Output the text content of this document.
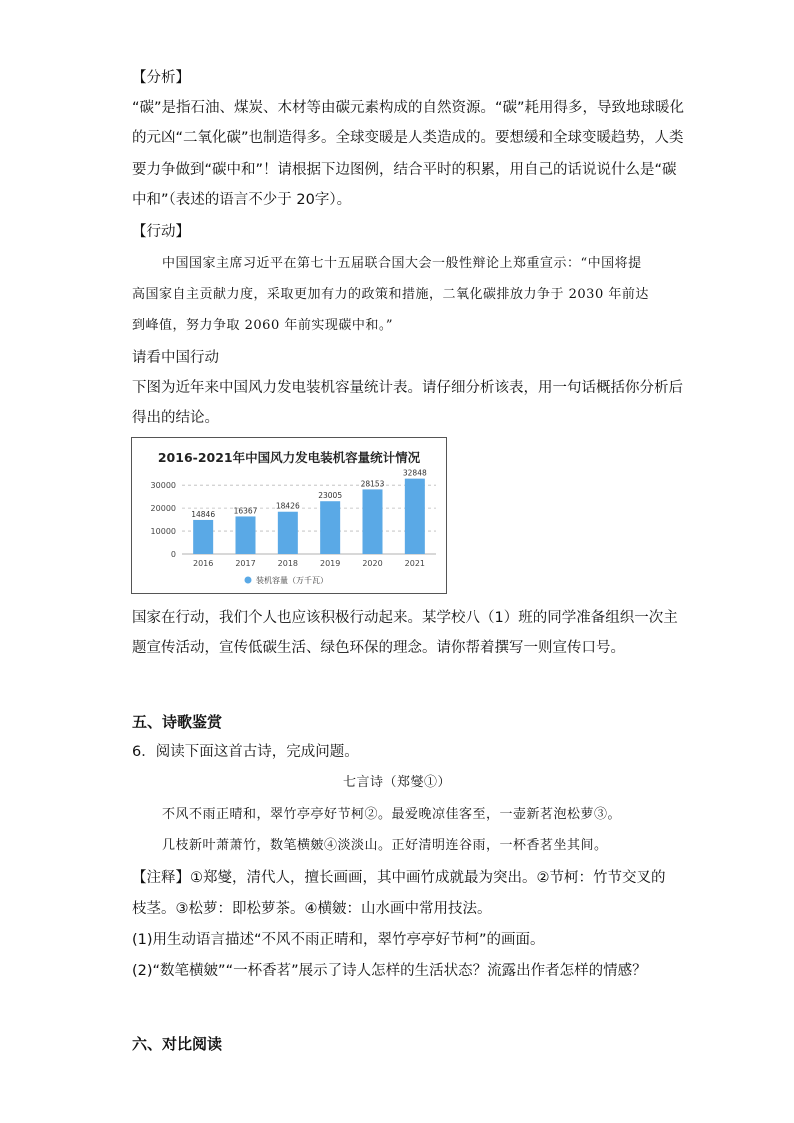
【分析】
“碳”是指石油、煤炭、木材等由碳元素构成的自然资源。“碳”耗用得多，导致地球暖化
的元凶“二氧化碳”也制造得多。全球变暖是人类造成的。要想缓和全球变暖趋势，人类
要力争做到“碳中和”！请根据下边图例，结合平时的积累，用自己的话说说什么是“碳
中和”（表述的语言不少于 20字）。
【行动】
中国国家主席习近平在第七十五届联合国大会一般性辩论上郑重宣示：“中国将提
高国家自主贡献力度，采取更加有力的政策和措施，二氧化碳排放力争于 2030 年前达
到峰值，努力争取 2060 年前实现碳中和。”
请看中国行动
下图为近年来中国风力发电装机容量统计表。请仔细分析该表，用一句话概括你分析后
得出的结论。
2016-2021年中国风力发电装机容量统计情况
0
10000
20000
30000
14846
2016
16367
2017
18426
2018
23005
2019
28153
2020
32848
2021
装机容量（万千瓦）
国家在行动，我们个人也应该积极行动起来。某学校八（1）班的同学准备组织一次主
题宣传活动，宣传低碳生活、绿色环保的理念。请你帮着撰写一则宣传口号。
五、诗歌鉴赏
6．阅读下面这首古诗，完成问题。
七言诗（郑燮①）
不风不雨正晴和，翠竹亭亭好节柯②。最爱晚凉佳客至，一壶新茗泡松萝③。
几枝新叶萧萧竹，数笔横皴④淡淡山。正好清明连谷雨，一杯香茗坐其间。
【注释】①郑燮，清代人，擅长画画，其中画竹成就最为突出。②节柯：竹节交叉的
枝茎。③松萝：即松萝茶。④横皴：山水画中常用技法。
(1)用生动语言描述“不风不雨正晴和，翠竹亭亭好节柯”的画面。
(2)“数笔横皴”“一杯香茗”展示了诗人怎样的生活状态？流露出作者怎样的情感？
六、对比阅读
